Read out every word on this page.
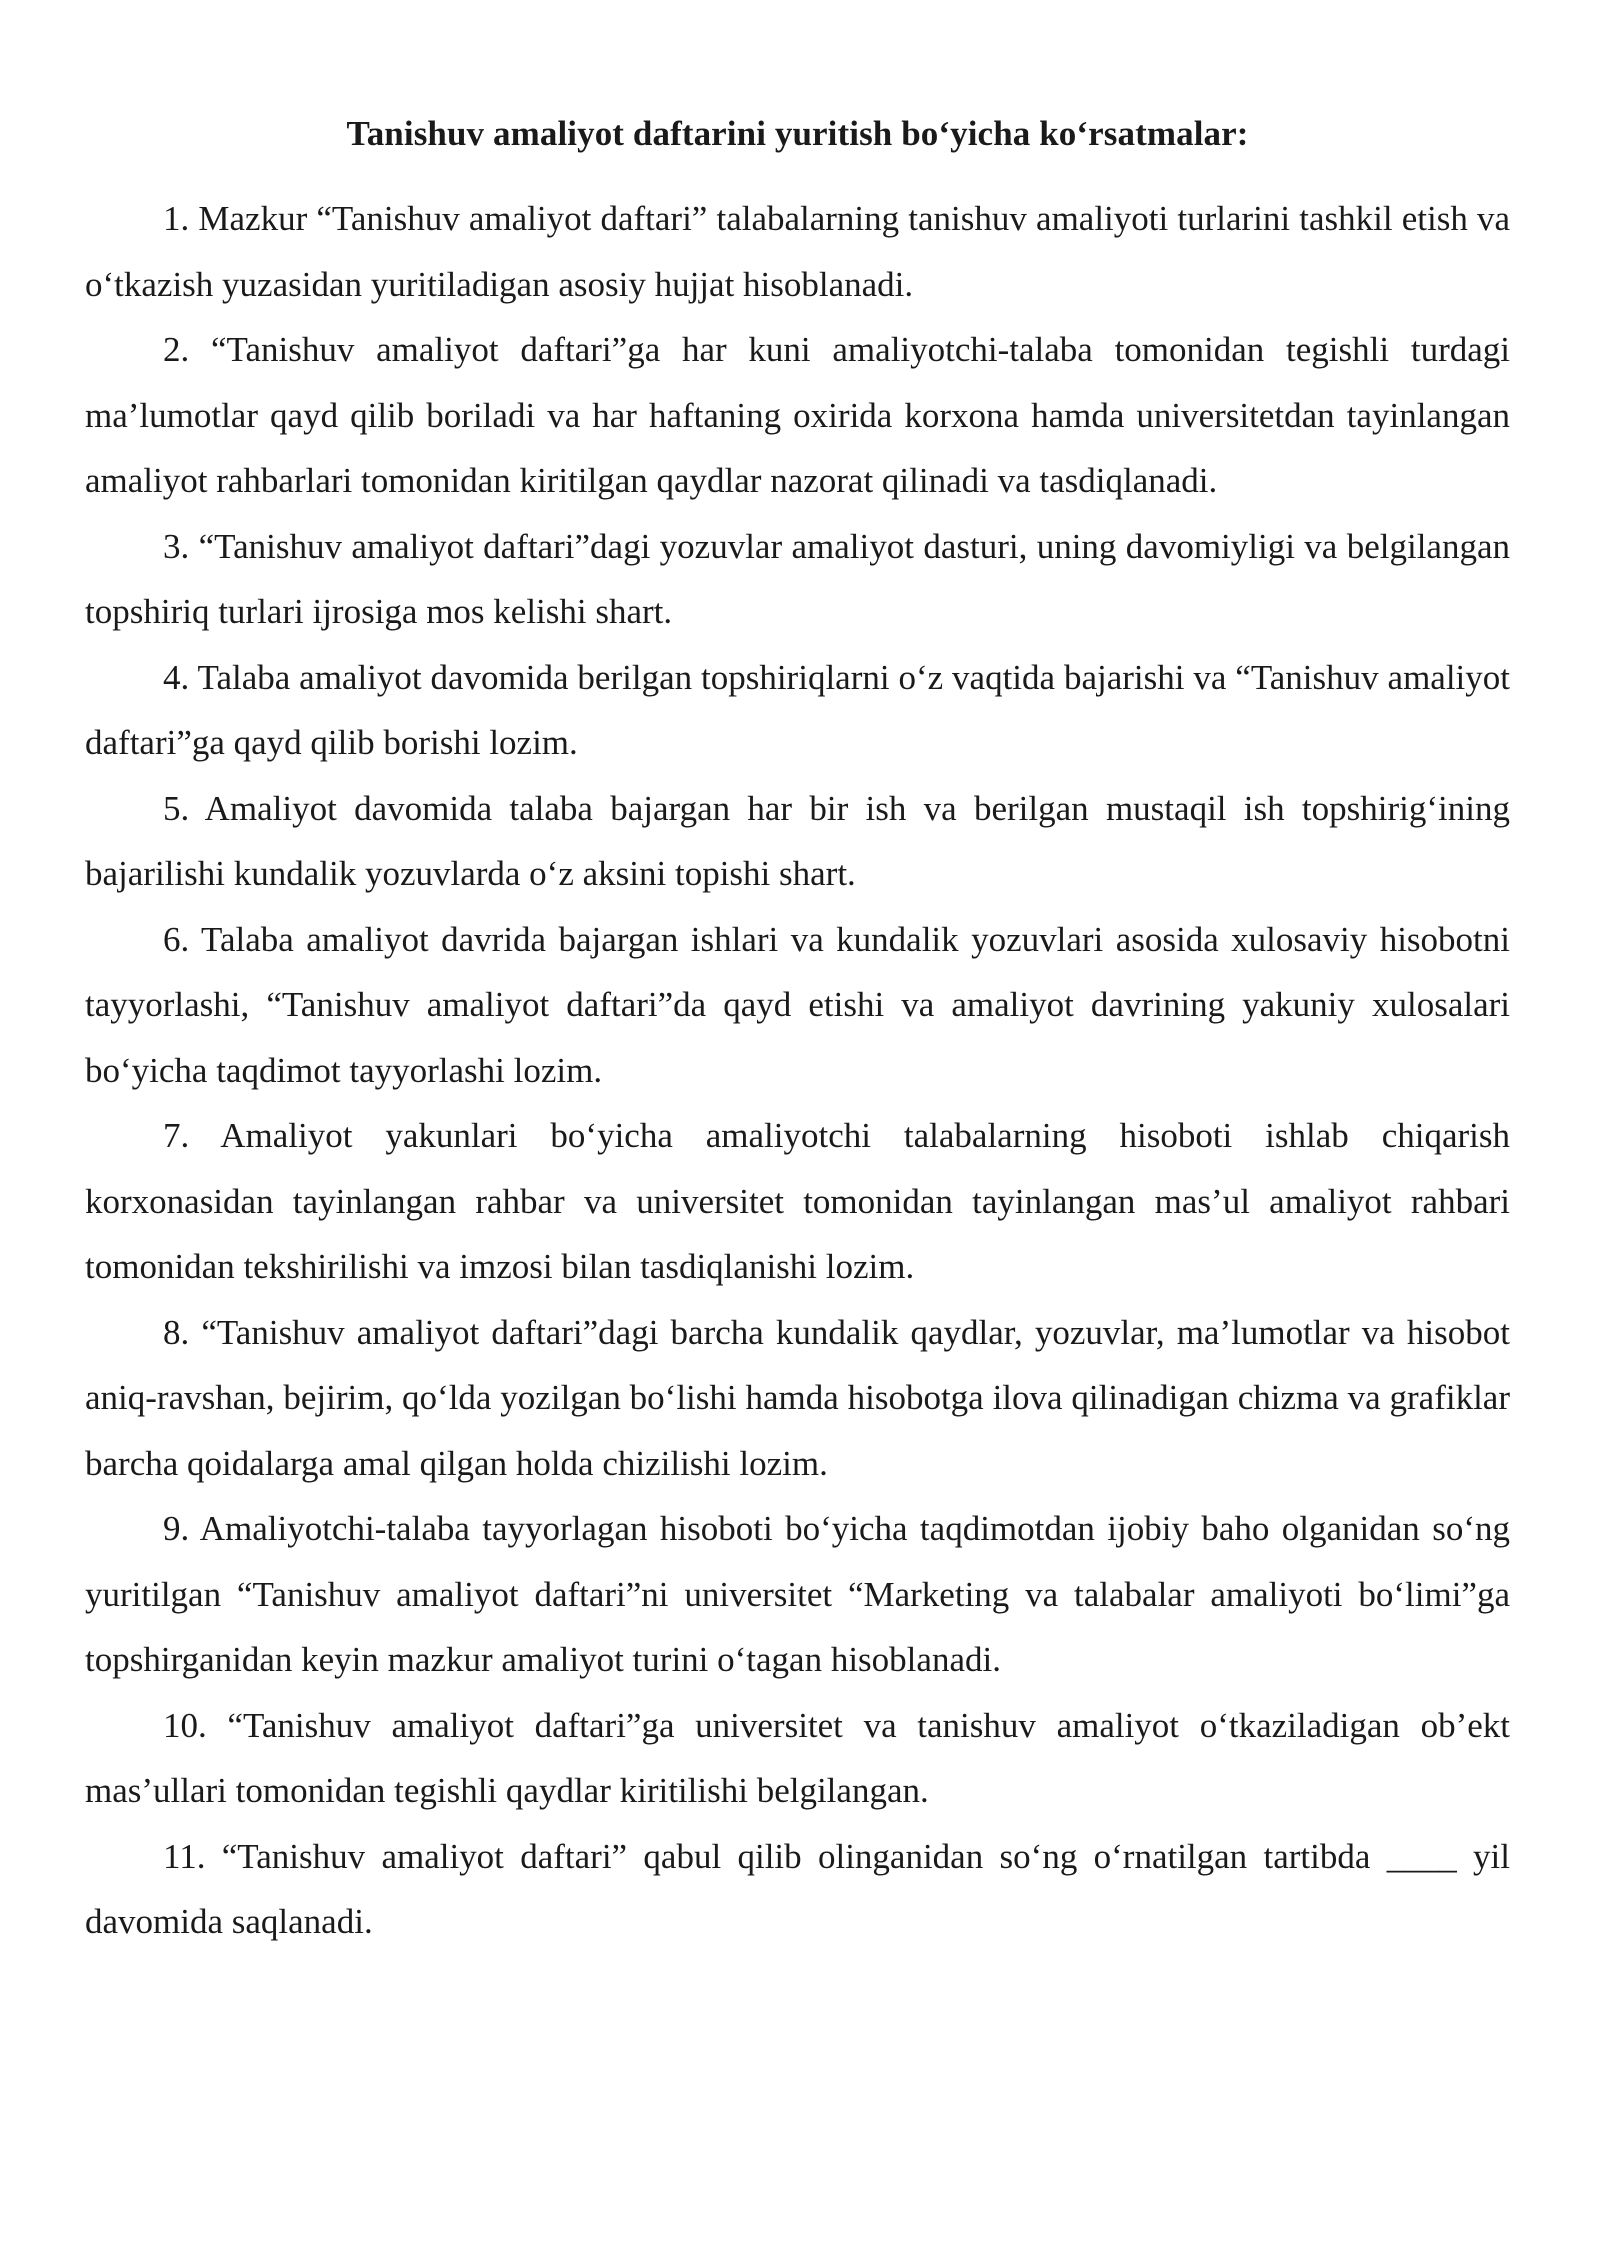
Tanishuv amaliyot daftarini yuritish bo‘yicha ko‘rsatmalar:

1. Mazkur “Tanishuv amaliyot daftari” talabalarning tanishuv amaliyoti turlarini tashkil etish va o‘tkazish yuzasidan yuritiladigan asosiy hujjat hisoblanadi.

2. “Tanishuv amaliyot daftari”ga har kuni amaliyotchi-talaba tomonidan tegishli turdagi ma’lumotlar qayd qilib boriladi va har haftaning oxirida korxona hamda universitetdan tayinlangan amaliyot rahbarlari tomonidan kiritilgan qaydlar nazorat qilinadi va tasdiqlanadi.

3. “Tanishuv amaliyot daftari”dagi yozuvlar amaliyot dasturi, uning davomiyligi va belgilangan topshiriq turlari ijrosiga mos kelishi shart.

4. Talaba amaliyot davomida berilgan topshiriqlarni o‘z vaqtida bajarishi va “Tanishuv amaliyot daftari”ga qayd qilib borishi lozim.

5. Amaliyot davomida talaba bajargan har bir ish va berilgan mustaqil ish topshirig‘ining bajarilishi kundalik yozuvlarda o‘z aksini topishi shart.

6. Talaba amaliyot davrida bajargan ishlari va kundalik yozuvlari asosida xulosaviy hisobotni tayyorlashi, “Tanishuv amaliyot daftari”da qayd etishi va amaliyot davrining yakuniy xulosalari bo‘yicha taqdimot tayyorlashi lozim.

7. Amaliyot yakunlari bo‘yicha amaliyotchi talabalarning hisoboti ishlab chiqarish korxonasidan tayinlangan rahbar va universitet tomonidan tayinlangan mas’ul amaliyot rahbari tomonidan tekshirilishi va imzosi bilan tasdiqlanishi lozim.

8. “Tanishuv amaliyot daftari”dagi barcha kundalik qaydlar, yozuvlar, ma’lumotlar va hisobot aniq-ravshan, bejirim, qo‘lda yozilgan bo‘lishi hamda hisobotga ilova qilinadigan chizma va grafiklar barcha qoidalarga amal qilgan holda chizilishi lozim.

9. Amaliyotchi-talaba tayyorlagan hisoboti bo‘yicha taqdimotdan ijobiy baho olganidan so‘ng yuritilgan “Tanishuv amaliyot daftari”ni universitet “Marketing va talabalar amaliyoti bo‘limi”ga topshirganidan keyin mazkur amaliyot turini o‘tagan hisoblanadi.

10. “Tanishuv amaliyot daftari”ga universitet va tanishuv amaliyot o‘tkaziladigan ob’ekt mas’ullari tomonidan tegishli qaydlar kiritilishi belgilangan.

11. “Tanishuv amaliyot daftari” qabul qilib olinganidan so‘ng o‘rnatilgan tartibda ____ yil davomida saqlanadi.
